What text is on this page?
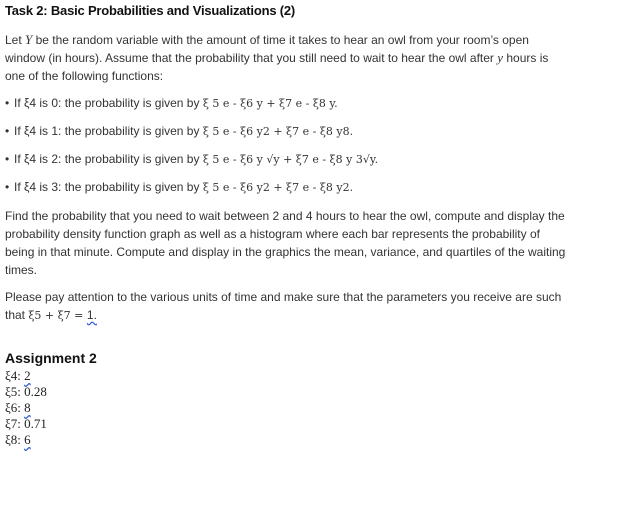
Task 2: Basic Probabilities and Visualizations (2)
Let Y be the random variable with the amount of time it takes to hear an owl from your room’s open window (in hours). Assume that the probability that you still need to wait to hear the owl after y hours is one of the following functions:
• If ξ4 is 0: the probability is given by ξ 5 e - ξ6 y + ξ7 e - ξ8 y.
• If ξ4 is 1: the probability is given by ξ 5 e - ξ6 y2 + ξ7 e - ξ8 y8.
• If ξ4 is 2: the probability is given by ξ 5 e - ξ6 y √y + ξ7 e - ξ8 y 3√y.
• If ξ4 is 3: the probability is given by ξ 5 e - ξ6 y2 + ξ7 e - ξ8 y2.
Find the probability that you need to wait between 2 and 4 hours to hear the owl, compute and display the probability density function graph as well as a histogram where each bar represents the probability of being in that minute. Compute and display in the graphics the mean, variance, and quartiles of the waiting times.
Please pay attention to the various units of time and make sure that the parameters you receive are such that ξ5 + ξ7 = 1.
Assignment 2
ξ4: 2
ξ5: 0.28
ξ6: 8
ξ7: 0.71
ξ8: 6
